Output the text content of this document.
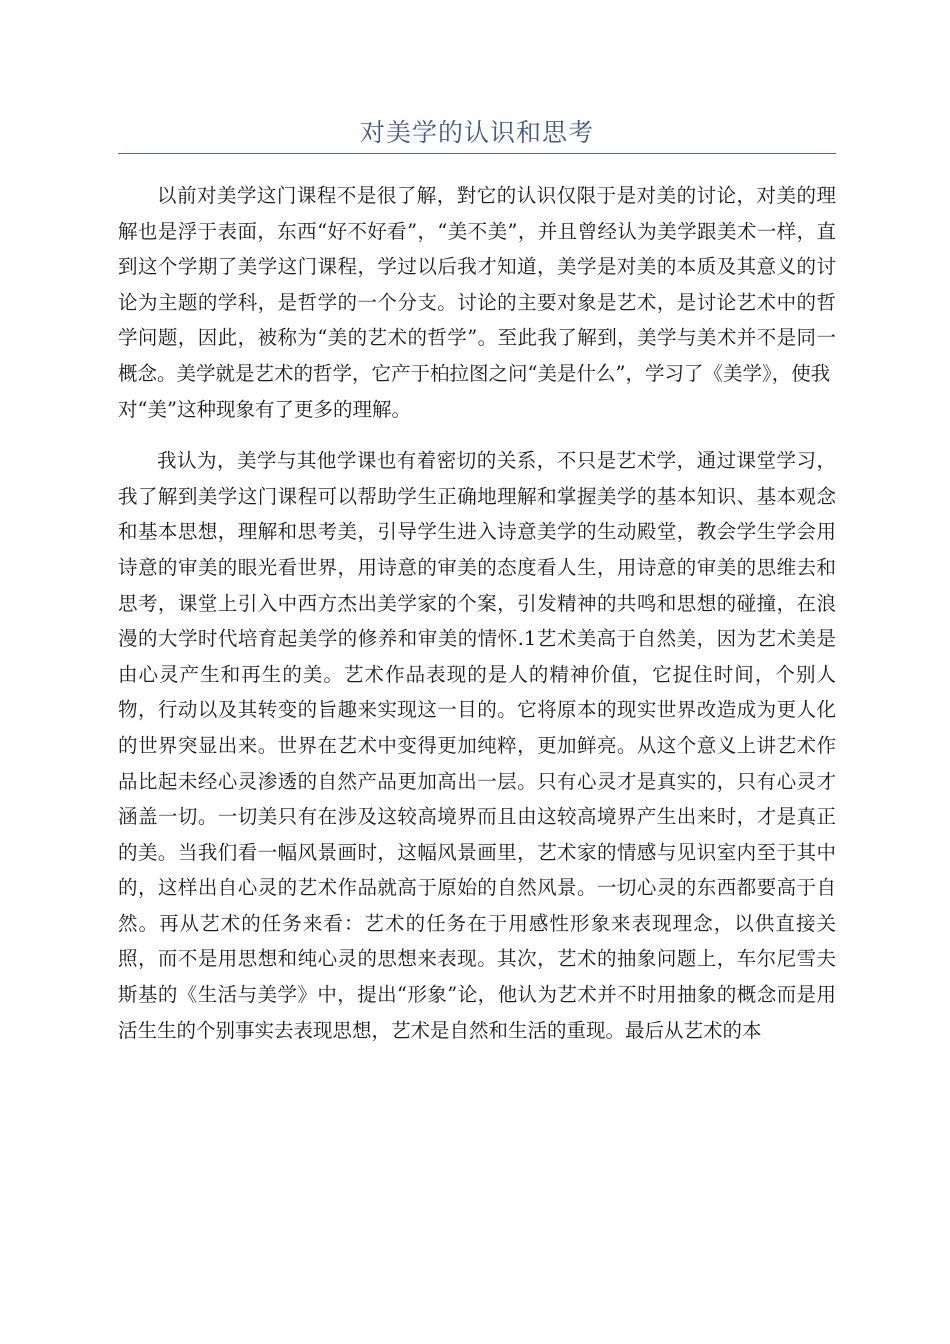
对美学的认识和思考

以前对美学这门课程不是很了解，對它的认识仅限于是对美的讨论，对美的理解也是浮于表面，东西“好不好看”，“美不美”，并且曾经认为美学跟美术一样，直到这个学期了美学这门课程，学过以后我才知道，美学是对美的本质及其意义的讨论为主题的学科，是哲学的一个分支。讨论的主要对象是艺术，是讨论艺术中的哲学问题，因此，被称为“美的艺术的哲学”。至此我了解到，美学与美术并不是同一概念。美学就是艺术的哲学，它产于柏拉图之问“美是什么”，学习了《美学》，使我
对“美”这种现象有了更多的理解。

我认为，美学与其他学课也有着密切的关系，不只是艺术学，通过课堂学习，我了解到美学这门课程可以帮助学生正确地理解和掌握美学的基本知识、基本观念和基本思想，理解和思考美，引导学生进入诗意美学的生动殿堂，教会学生学会用诗意的审美的眼光看世界，用诗意的审美的态度看人生，用诗意的审美的思维去和思考，课堂上引入中西方杰出美学家的个案，引发精神的共鸣和思想的碰撞，在浪漫的大学时代培育起美学的修养和审美的情怀.1艺术美高于自然美，因为艺术美是由心灵产生和再生的美。艺术作品表现的是人的精神价值，它捉住时间，个别人物，行动以及其转变的旨趣来实现这一目的。它将原本的现实世界改造成为更人化的世界突显出来。世界在艺术中变得更加纯粹，更加鲜亮。从这个意义上讲艺术作品比起未经心灵渗透的自然产品更加高出一层。只有心灵才是真实的，只有心灵才涵盖一切。一切美只有在涉及这较高境界而且由这较高境界产生出来时，才是真正的美。当我们看一幅风景画时，这幅风景画里，艺术家的情感与见识室内至于其中的，这样出自心灵的艺术作品就高于原始的自然风景。一切心灵的东西都要高于自然。再从艺术的任务来看：艺术的任务在于用感性形象来表现理念，以供直接关照，而不是用思想和纯心灵的思想来表现。其次，艺术的抽象问题上，车尔尼雪夫斯基的《生活与美学》中，提出“形象”论，他认为艺术并不时用抽象的概念而是用活生生的个别事实去表现思想，艺术是自然和生活的重现。最后从艺术的本
